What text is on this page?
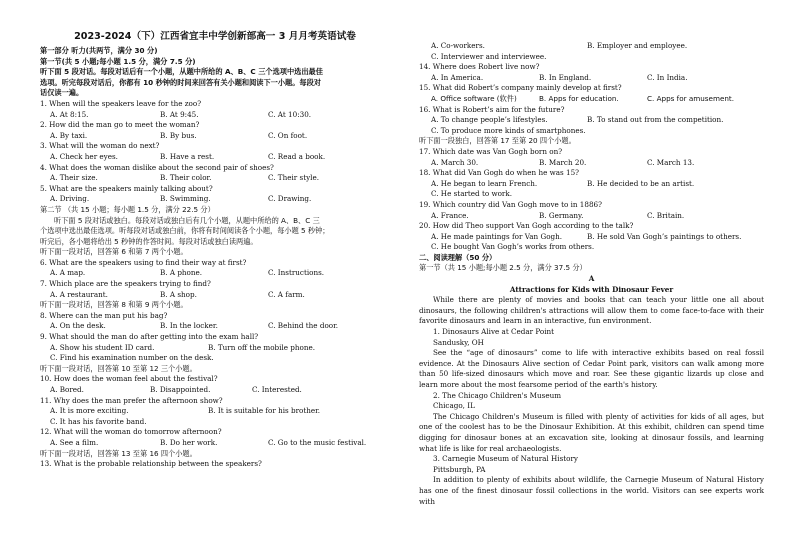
2023-2024（下）江西省宜丰中学创新部高一 3 月月考英语试卷
第一部分 听力(共两节，满分 30 分)
第一节(共 5 小题;每小题 1.5 分，满分 7.5 分)
听下面 5 段对话。每段对话后有一个小题，从题中所给的 A、B、C 三个选项中选出最佳
选项。听完每段对话后，你都有 10 秒钟的时间来回答有关小题和阅读下一小题。每段对
话仅读一遍。
1. When will the speakers leave for the zoo?
A. At 8:15.	B. At 9:45.	C. At 10:30.
2. How did the man go to meet the woman?
A. By taxi.	B. By bus.	C. On foot.
3. What will the woman do next?
A. Check her eyes.	B. Have a rest.	C. Read a book.
4. What does the woman dislike about the second pair of shoes?
A. Their size.	B. Their color.	C. Their style.
5. What are the speakers mainly talking about?
A. Driving.	B. Swimming.	C. Drawing.
第二节 （共 15 小题；每小题 1.5 分，满分 22.5 分）
听下面 5 段对话或独白。每段对话或独白后有几个小题，从题中所给的 A、B、C 三
个选项中选出最佳选项。听每段对话或独白前，你将有时间阅读各个小题，每小题 5 秒钟；
听完后，各小题将给出 5 秒钟的作答时间。每段对话或独白读两遍。
听下面一段对话，回答第 6 和第 7 两个小题。
6. What are the speakers using to find their way at first?
A. A map.	B. A phone.	C. Instructions.
7. Which place are the speakers trying to find?
A. A restaurant.	B. A shop.	C. A farm.
听下面一段对话，回答第 8 和第 9 两个小题。
8. Where can the man put his bag?
A. On the desk.	B. In the locker.	C. Behind the door.
9. What should the man do after getting into the exam hall?
A. Show his student ID card.	B. Turn off the mobile phone.
C. Find his examination number on the desk.
听下面一段对话，回答第 10 至第 12 三个小题。
10. How does the woman feel about the festival?
A. Bored.	B. Disappointed.	C. Interested.
11. Why does the man prefer the afternoon show?
A. It is more exciting.	B. It is suitable for his brother.
C. It has his favorite band.
12. What will the woman do tomorrow afternoon?
A. See a film.	B. Do her work.	C. Go to the music festival.
听下面一段对话，回答第 13 至第 16 四个小题。
13. What is the probable relationship between the speakers?
A. Co-workers.	B. Employer and employee.
C. Interviewer and interviewee.
14. Where does Robert live now?
A. In America.	B. In England.	C. In India.
15. What did Robert’s company mainly develop at first?
A. Office software (软件)	B. Apps for education.	C. Apps for amusement.
16. What is Robert’s aim for the future?
A. To change people’s lifestyles.	B. To stand out from the competition.
C. To produce more kinds of smartphones.
听下面一段独白，回答第 17 至第 20 四个小题。
17. Which date was Van Gogh born on?
A. March 30.	B. March 20.	C. March 13.
18. What did Van Gogh do when he was 15?
A. He began to learn French.	B. He decided to be an artist.
C. He started to work.
19. Which country did Van Gogh move to in 1886?
A. France.	B. Germany.	C. Britain.
20. How did Theo support Van Gogh according to the talk?
A. He made paintings for Van Gogh.	B. He sold Van Gogh’s paintings to others.
C. He bought Van Gogh’s works from others.
二、阅读理解（50 分）
第一节（共 15 小题;每小题 2.5 分，满分 37.5 分）
A
Attractions for Kids with Dinosaur Fever
While there are plenty of movies and books that can teach your little one all about dinosaurs, the following children's attractions will allow them to come face-to-face with their favorite dinosaurs and learn in an interactive, fun environment.
1. Dinosaurs Alive at Cedar Point
Sandusky, OH
See the “age of dinosaurs” come to life with interactive exhibits based on real fossil evidence. At the Dinosaurs Alive section of Cedar Point park, visitors can walk among more than 50 life-sized dinosaurs which move and roar. See these gigantic lizards up close and learn more about the most fearsome period of the earth's history.
2. The Chicago Children's Museum
Chicago, IL
The Chicago Children's Museum is filled with plenty of activities for kids of all ages, but one of the coolest has to be the Dinosaur Exhibition. At this exhibit, children can spend time digging for dinosaur bones at an excavation site, looking at dinosaur fossils, and learning what life is like for real archaeologists.
3. Carnegie Museum of Natural History
Pittsburgh, PA
In addition to plenty of exhibits about wildlife, the Carnegie Museum of Natural History has one of the finest dinosaur fossil collections in the world. Visitors can see experts work with
